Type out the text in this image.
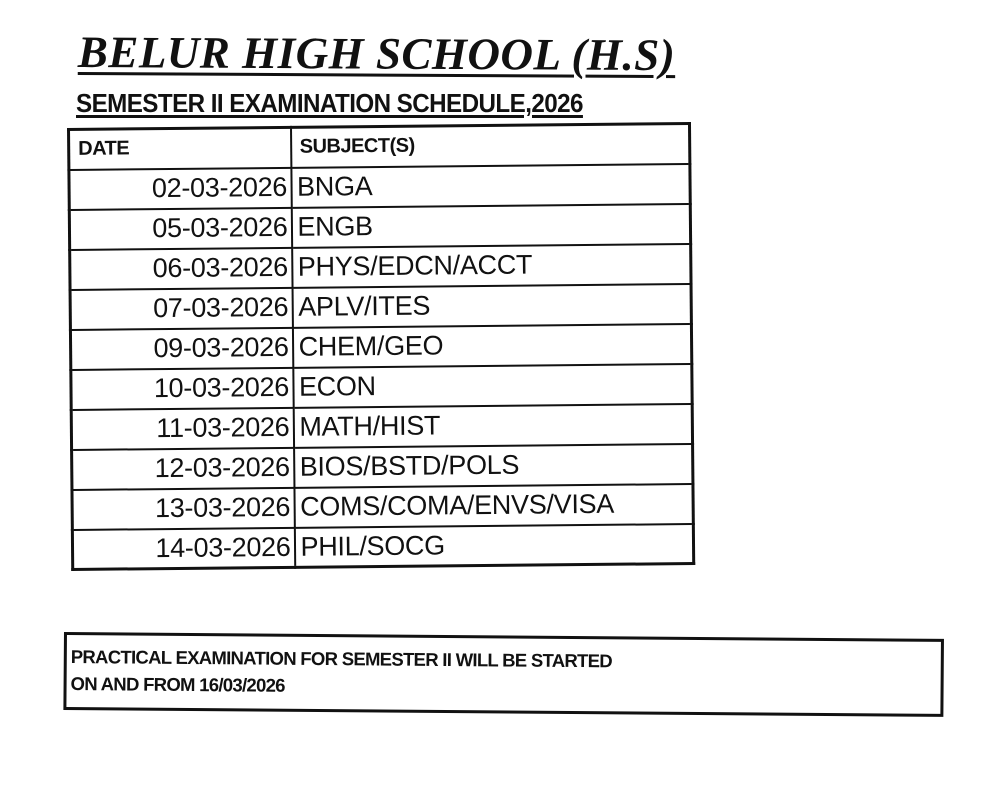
BELUR HIGH SCHOOL (H.S)
SEMESTER II EXAMINATION SCHEDULE,2026
DATE	SUBJECT(S)
02-03-2026	BNGA
05-03-2026	ENGB
06-03-2026	PHYS/EDCN/ACCT
07-03-2026	APLV/ITES
09-03-2026	CHEM/GEO
10-03-2026	ECON
11-03-2026	MATH/HIST
12-03-2026	BIOS/BSTD/POLS
13-03-2026	COMS/COMA/ENVS/VISA
14-03-2026	PHIL/SOCG
PRACTICAL EXAMINATION FOR SEMESTER II WILL BE STARTED
ON AND FROM 16/03/2026
